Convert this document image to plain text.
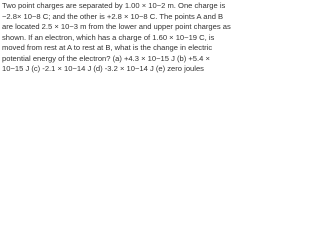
Two point charges are separated by 1.00 × 10−2 m. One charge is −2.8× 10−8 C; and the other is +2.8 × 10−8 C. The points A and B are located 2.5 × 10−3 m from the lower and upper point charges as shown. If an electron, which has a charge of 1.60 × 10−19 C, is moved from rest at A to rest at B, what is the change in electric potential energy of the electron? (a) +4.3 × 10−15 J (b) +5.4 × 10−15 J (c) -2.1 × 10−14 J (d) -3.2 × 10−14 J (e) zero joules
